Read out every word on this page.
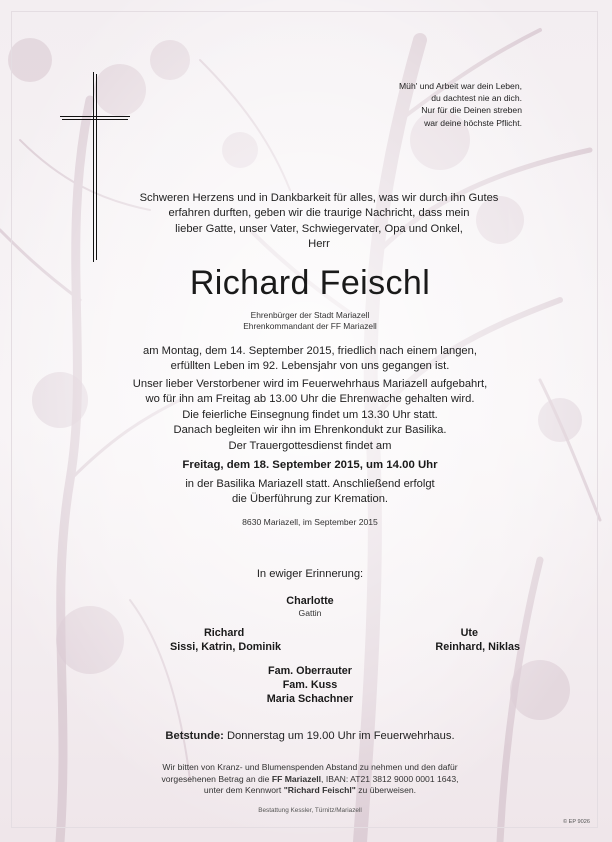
Müh' und Arbeit war dein Leben,
du dachtest nie an dich.
Nur für die Deinen streben
war deine höchste Pflicht.
Schweren Herzens und in Dankbarkeit für alles, was wir durch ihn Gutes
erfahren durften, geben wir die traurige Nachricht, dass mein
lieber Gatte, unser Vater, Schwiegervater, Opa und Onkel,
Herr
Richard Feischl
Ehrenbürger der Stadt Mariazell
Ehrenkommandant der FF Mariazell
am Montag, dem 14. September 2015, friedlich nach einem langen,
erfüllten Leben im 92. Lebensjahr von uns gegangen ist.
Unser lieber Verstorbener wird im Feuerwehrhaus Mariazell aufgebahrt,
wo für ihn am Freitag ab 13.00 Uhr die Ehrenwache gehalten wird.
Die feierliche Einsegnung findet um 13.30 Uhr statt.
Danach begleiten wir ihn im Ehrenkondukt zur Basilika.
Der Trauergottesdienst findet am
Freitag, dem 18. September 2015, um 14.00 Uhr
in der Basilika Mariazell statt. Anschließend erfolgt
die Überführung zur Kremation.
8630 Mariazell, im September 2015
In ewiger Erinnerung:
Charlotte
Gattin
Richard
Sissi, Katrin, Dominik
Ute
Reinhard, Niklas
Fam. Oberrauter
Fam. Kuss
Maria Schachner
Betstunde: Donnerstag um 19.00 Uhr im Feuerwehrhaus.
Wir bitten von Kranz- und Blumenspenden Abstand zu nehmen und den dafür
vorgesehenen Betrag an die FF Mariazell, IBAN: AT21 3812 9000 0001 1643,
unter dem Kennwort "Richard Feischl" zu überweisen.
Bestattung Kessler, Türnitz/Mariazell
© EP 9026
